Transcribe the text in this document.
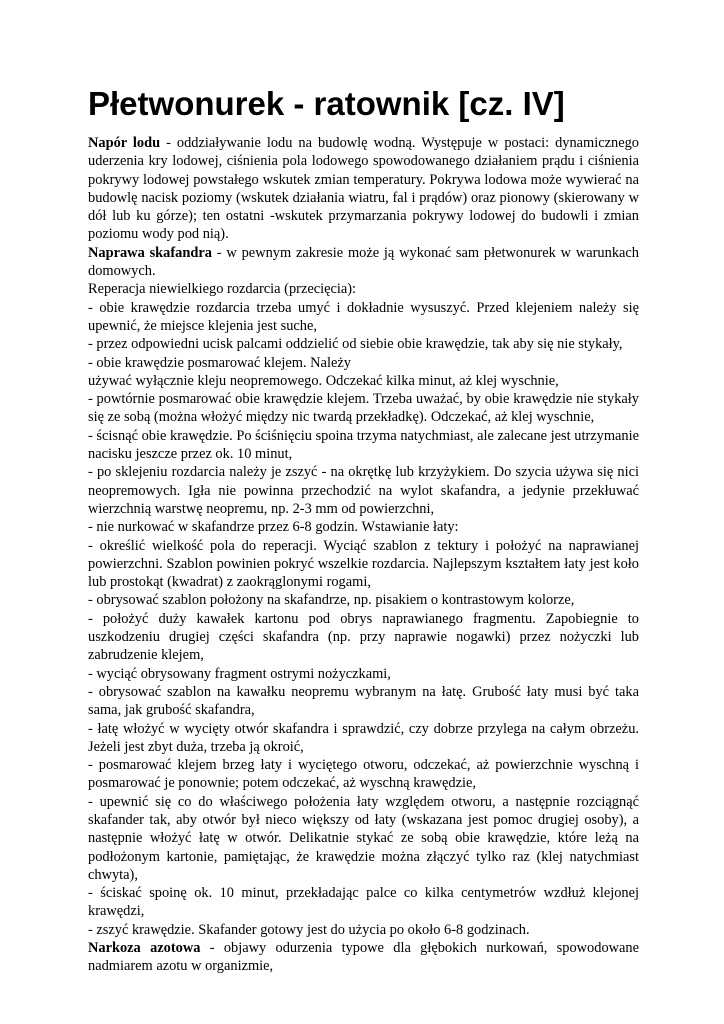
Płetwonurek - ratownik [cz. IV]

Napór lodu - oddziaływanie lodu na budowlę wodną. Występuje w postaci: dynamicznego uderzenia kry lodowej, ciśnienia pola lodowego spowodowanego działaniem prądu i ciśnienia pokrywy lodowej powstałego wskutek zmian temperatury. Pokrywa lodowa może wywierać na budowlę nacisk poziomy (wskutek działania wiatru, fal i prądów) oraz pionowy (skierowany w dół lub ku górze); ten ostatni -wskutek przymarzania pokrywy lodowej do budowli i zmian poziomu wody pod nią).

Naprawa skafandra - w pewnym zakresie może ją wykonać sam płetwonurek w warunkach domowych.

Reperacja niewielkiego rozdarcia (przecięcia):

- obie krawędzie rozdarcia trzeba umyć i dokładnie wysuszyć. Przed klejeniem należy się upewnić, że miejsce klejenia jest suche,

- przez odpowiedni ucisk palcami oddzielić od siebie obie krawędzie, tak aby się nie stykały,

- obie krawędzie posmarować klejem. Należy

używać wyłącznie kleju neopremowego. Odczekać kilka minut, aż klej wyschnie,

- powtórnie posmarować obie krawędzie klejem. Trzeba uważać, by obie krawędzie nie stykały się ze sobą (można włożyć między nic twardą przekładkę). Odczekać, aż klej wyschnie,

- ścisnąć obie krawędzie. Po ściśnięciu spoina trzyma natychmiast, ale zalecane jest utrzymanie nacisku jeszcze przez ok. 10 minut,

- po sklejeniu rozdarcia należy je zszyć - na okrętkę lub krzyżykiem. Do szycia używa się nici neopremowych. Igła nie powinna przechodzić na wylot skafandra, a jedynie przekłuwać wierzchnią warstwę neopremu, np. 2-3 mm od powierzchni,

- nie nurkować w skafandrze przez 6-8 godzin. Wstawianie łaty:

- określić wielkość pola do reperacji. Wyciąć szablon z tektury i położyć na naprawianej powierzchni. Szablon powinien pokryć wszelkie rozdarcia. Najlepszym kształtem łaty jest koło lub prostokąt (kwadrat) z zaokrąglonymi rogami,

- obrysować szablon położony na skafandrze, np. pisakiem o kontrastowym kolorze,

- położyć duży kawałek kartonu pod obrys naprawianego fragmentu. Zapobiegnie to uszkodzeniu drugiej części skafandra (np. przy naprawie nogawki) przez nożyczki lub zabrudzenie klejem,

- wyciąć obrysowany fragment ostrymi nożyczkami,

- obrysować szablon na kawałku neopremu wybranym na łatę. Grubość łaty musi być taka sama, jak grubość skafandra,

- łatę włożyć w wycięty otwór skafandra i sprawdzić, czy dobrze przylega na całym obrzeżu. Jeżeli jest zbyt duża, trzeba ją okroić,

- posmarować klejem brzeg łaty i wyciętego otworu, odczekać, aż powierzchnie wyschną i posmarować je ponownie; potem odczekać, aż wyschną krawędzie,

- upewnić się co do właściwego położenia łaty względem otworu, a następnie rozciągnąć skafander tak, aby otwór był nieco większy od łaty (wskazana jest pomoc drugiej osoby), a następnie włożyć łatę w otwór. Delikatnie stykać ze sobą obie krawędzie, które leżą na podłożonym kartonie, pamiętając, że krawędzie można złączyć tylko raz (klej natychmiast chwyta),

- ściskać spoinę ok. 10 minut, przekładając palce co kilka centymetrów wzdłuż klejonej krawędzi,

- zszyć krawędzie. Skafander gotowy jest do użycia po około 6-8 godzinach.

Narkoza azotowa - objawy odurzenia typowe dla głębokich nurkowań, spowodowane nadmiarem azotu w organizmie,
